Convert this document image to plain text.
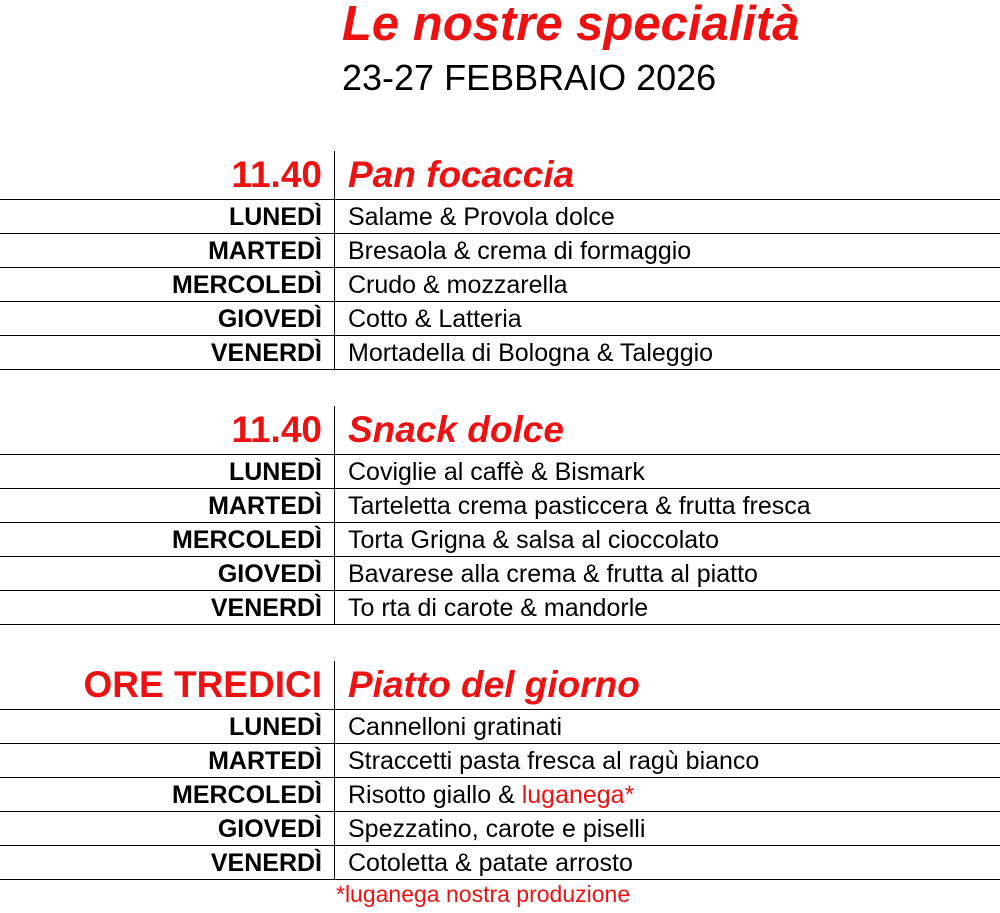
Le nostre specialità
23-27 FEBBRAIO 2026
11.40 Pan focaccia
LUNEDÌ Salame & Provola dolce
MARTEDÌ Bresaola & crema di formaggio
MERCOLEDÌ Crudo & mozzarella
GIOVEDÌ Cotto & Latteria
VENERDÌ Mortadella di Bologna & Taleggio
11.40 Snack dolce
LUNEDÌ Coviglie al caffè & Bismark
MARTEDÌ Tarteletta crema pasticcera & frutta fresca
MERCOLEDÌ Torta Grigna & salsa al cioccolato
GIOVEDÌ Bavarese alla crema & frutta al piatto
VENERDÌ To rta di carote & mandorle
ORE TREDICI Piatto del giorno
LUNEDÌ Cannelloni gratinati
MARTEDÌ Straccetti pasta fresca al ragù bianco
MERCOLEDÌ Risotto giallo & luganega*
GIOVEDÌ Spezzatino, carote e piselli
VENERDÌ Cotoletta & patate arrosto
*luganega nostra produzione
